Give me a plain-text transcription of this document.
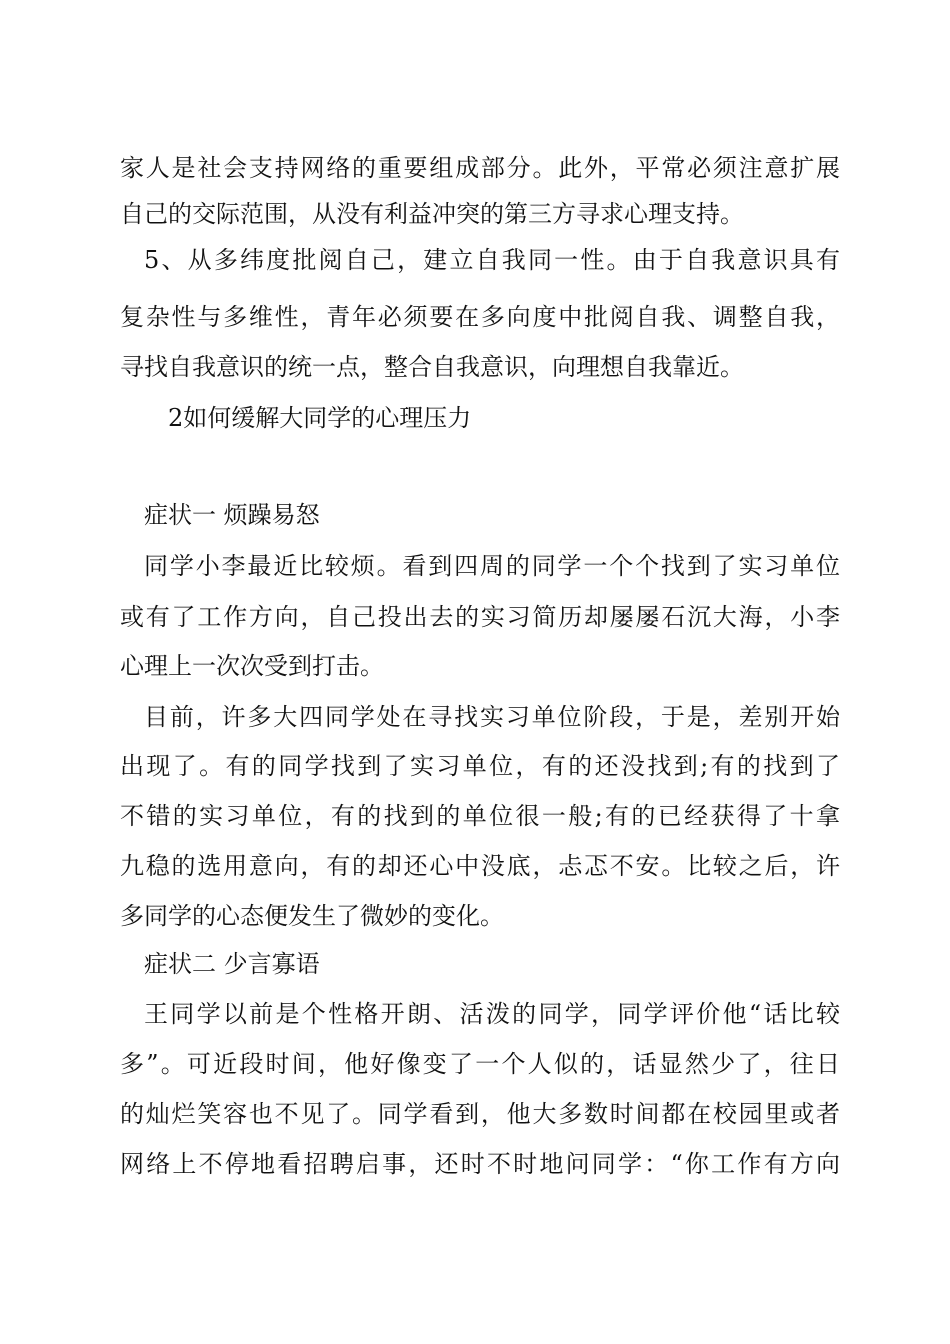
家人是社会支持网络的重要组成部分。此外，平常必须注意扩展
自己的交际范围，从没有利益冲突的第三方寻求心理支持。
5、从多纬度批阅自己，建立自我同一性。由于自我意识具有
复杂性与多维性，青年必须要在多向度中批阅自我、调整自我，
寻找自我意识的统一点，整合自我意识，向理想自我靠近。
2如何缓解大同学的心理压力
症状一 烦躁易怒
同学小李最近比较烦。看到四周的同学一个个找到了实习单位
或有了工作方向，自己投出去的实习简历却屡屡石沉大海，小李
心理上一次次受到打击。
目前，许多大四同学处在寻找实习单位阶段，于是，差别开始
出现了。有的同学找到了实习单位，有的还没找到;有的找到了
不错的实习单位，有的找到的单位很一般;有的已经获得了十拿
九稳的选用意向，有的却还心中没底，忐忑不安。比较之后，许
多同学的心态便发生了微妙的变化。
症状二 少言寡语
王同学以前是个性格开朗、活泼的同学，同学评价他“话比较
多”。可近段时间，他好像变了一个人似的，话显然少了，往日
的灿烂笑容也不见了。同学看到，他大多数时间都在校园里或者
网络上不停地看招聘启事，还时不时地问同学：“你工作有方向
